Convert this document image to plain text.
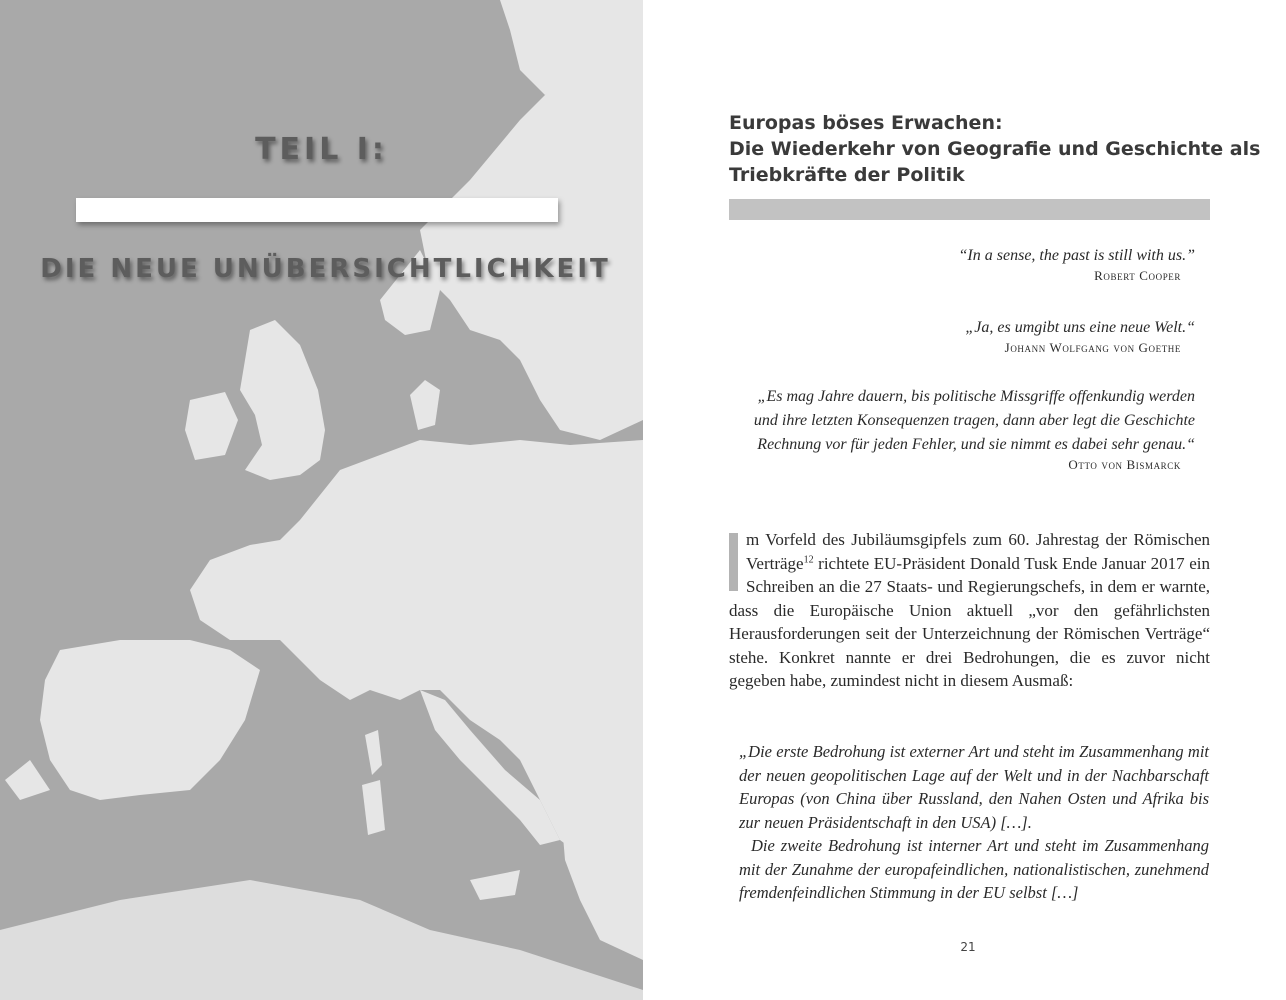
TEIL I:
DIE NEUE UNÜBERSICHTLICHKEIT
Europas böses Erwachen:
Die Wiederkehr von Geografie und Geschichte als
Triebkräfte der Politik
“In a sense, the past is still with us.”
Robert Cooper
„Ja, es umgibt uns eine neue Welt.“
Johann Wolfgang von Goethe
„Es mag Jahre dauern, bis politische Missgriffe offenkundig werden und ihre letzten Konsequenzen tragen, dann aber legt die Geschichte Rechnung vor für jeden Fehler, und sie nimmt es dabei sehr genau.“
Otto von Bismarck
m Vorfeld des Jubiläumsgipfels zum 60. Jahrestag der Römischen Verträge$^{12}$ richtete EU-Präsident Donald Tusk Ende Januar 2017 ein Schreiben an die 27 Staats- und Regierungschefs, in dem er warnte, dass die Europäische Union aktuell „vor den gefährlichsten Herausforderungen seit der Unterzeichnung der Römischen Verträge“ stehe. Konkret nannte er drei Bedrohungen, die es zuvor nicht gegeben habe, zumindest nicht in diesem Ausmaß:

„Die erste Bedrohung ist externer Art und steht im Zusammenhang mit der neuen geopolitischen Lage auf der Welt und in der Nachbarschaft Europas (von China über Russland, den Nahen Osten und Afrika bis zur neuen Präsidentschaft in den USA) […].

Die zweite Bedrohung ist interner Art und steht im Zusammenhang mit der Zunahme der europafeindlichen, nationalistischen, zunehmend fremdenfeindlichen Stimmung in der EU selbst […]

21
